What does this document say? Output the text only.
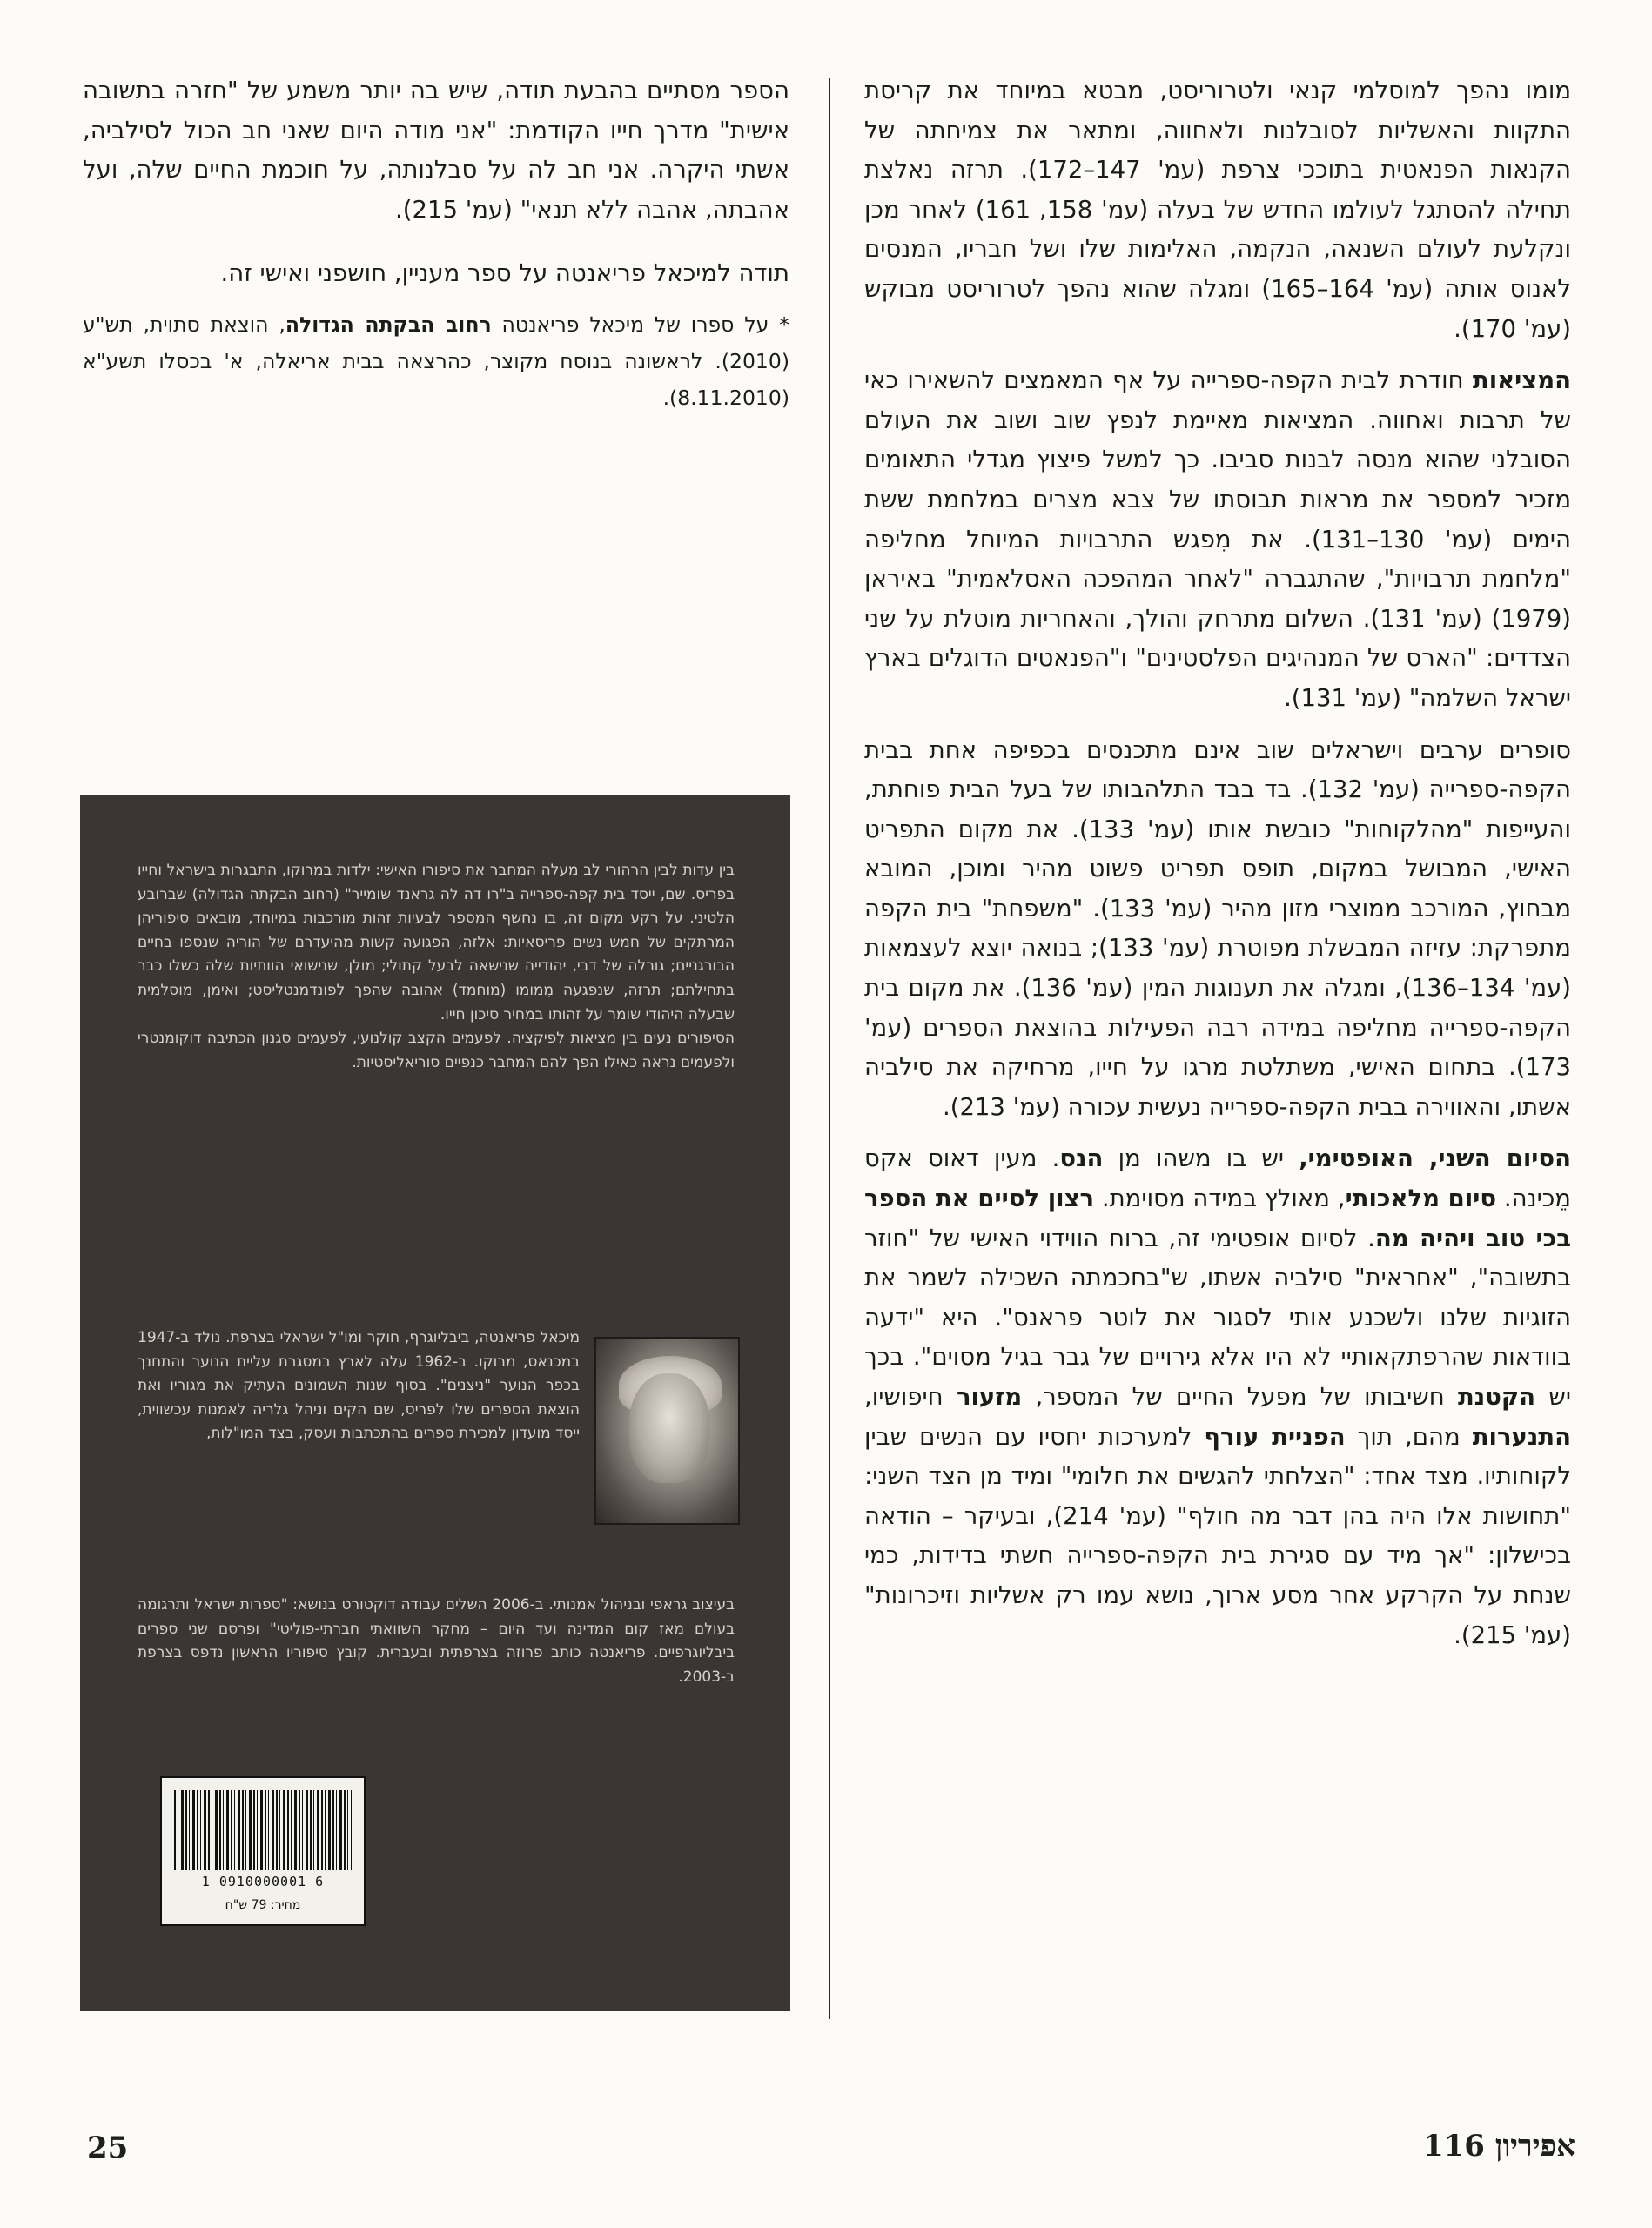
מומו נהפך למוסלמי קנאי ולטרוריסט, מבטא במיוחד את קריסת התקוות והאשליות לסובלנות ולאחווה, ומתאר את צמיחתה של הקנאות הפנאטית בתוככי צרפת (עמ' 147–172). תרזה נאלצת תחילה להסתגל לעולמו החדש של בעלה (עמ' 158, 161) לאחר מכן ונקלעת לעולם השנאה, הנקמה, האלימות שלו ושל חבריו, המנסים לאנוס אותה (עמ' 164–165) ומגלה שהוא נהפך לטרוריסט מבוקש (עמ' 170).

המציאות חודרת לבית הקפה-ספרייה על אף המאמצים להשאירו כאי של תרבות ואחווה. המציאות מאיימת לנפץ שוב ושוב את העולם הסובלני שהוא מנסה לבנות סביבו. כך למשל פיצוץ מגדלי התאומים מזכיר למספר את מראות תבוסתו של צבא מצרים במלחמת ששת הימים (עמ' 130–131). את מִפגש התרבויות המיוחל מחליפה "מלחמת תרבויות", שהתגברה "לאחר המהפכה האסלאמית" באיראן (1979) (עמ' 131). השלום מתרחק והולך, והאחריות מוטלת על שני הצדדים: "הארס של המנהיגים הפלסטינים" ו"הפנאטים הדוגלים בארץ ישראל השלמה" (עמ' 131).

סופרים ערבים וישראלים שוב אינם מתכנסים בכפיפה אחת בבית הקפה-ספרייה (עמ' 132). בד בבד התלהבותו של בעל הבית פוחתת, והעייפות "מהלקוחות" כובשת אותו (עמ' 133). את מקום התפריט האישי, המבושל במקום, תופס תפריט פשוט מהיר ומוכן, המובא מבחוץ, המורכב ממוצרי מזון מהיר (עמ' 133). "משפחת" בית הקפה מתפרקת: עזיזה המבשלת מפוטרת (עמ' 133); בנואה יוצא לעצמאות (עמ' 134–136), ומגלה את תענוגות המין (עמ' 136). את מקום בית הקפה-ספרייה מחליפה במידה רבה הפעילות בהוצאת הספרים (עמ' 173). בתחום האישי, משתלטת מרגו על חייו, מרחיקה את סילביה אשתו, והאווירה בבית הקפה-ספרייה נעשית עכורה (עמ' 213).

הסיום השני, האופטימי, יש בו משהו מן הנס. מעין דאוס אקס מֵכינה. סיום מלאכותי, מאולץ במידה מסוימת. רצון לסיים את הספר בכי טוב ויהיה מה. לסיום אופטימי זה, ברוח הווידוי האישי של "חוזר בתשובה", "אחראית" סילביה אשתו, ש"בחכמתה השכילה לשמר את הזוגיות שלנו ולשכנע אותי לסגור את לוטר פראנס". היא "ידעה בוודאות שהרפתקאותיי לא היו אלא גירויים של גבר בגיל מסוים". בכך יש הקטנת חשיבותו של מפעל החיים של המספר, מזעור חיפושיו, התנערות מהם, תוך הפניית עורף למערכות יחסיו עם הנשים שבין לקוחותיו. מצד אחד: "הצלחתי להגשים את חלומי" ומיד מן הצד השני: "תחושות אלו היה בהן דבר מה חולף" (עמ' 214), ובעיקר – הודאה בכישלון: "אך מיד עם סגירת בית הקפה-ספרייה חשתי בדידות, כמי שנחת על הקרקע אחר מסע ארוך, נושא עמו רק אשליות וזיכרונות" (עמ' 215).

הספר מסתיים בהבעת תודה, שיש בה יותר משמע של "חזרה בתשובה אישית" מדרך חייו הקודמת: "אני מודה היום שאני חב הכול לסילביה, אשתי היקרה. אני חב לה על סבלנותה, על חוכמת החיים שלה, ועל אהבתה, אהבה ללא תנאי" (עמ' 215).

תודה למיכאל פריאנטה על ספר מעניין, חושפני ואישי זה.

* על ספרו של מיכאל פריאנטה רחוב הבקתה הגדולה, הוצאת סתוית, תש"ע (2010). לראשונה בנוסח מקוצר, כהרצאה בבית אריאלה, א' בכסלו תשע"א (8.11.2010).

בין עדות לבין הרהורי לב מעלה המחבר את סיפורו האישי: ילדות במרוקו, התבגרות בישראל וחייו בפריס. שם, ייסד בית קפה-ספרייה ב"רו דה לה גראנד שומייר" (רחוב הבקתה הגדולה) שברובע הלטיני. על רקע מקום זה, בו נחשף המספר לבעיות זהות מורכבות במיוחד, מובאים סיפוריהן המרתקים של חמש נשים פריסאיות: אלזה, הפגועה קשות מהיעדרם של הוריה שנספו בחיים הבורגניים; גורלה של דבי, יהודייה שנישאה לבעל קתולי; מולן, שנישואי הוותיות שלה כשלו כבר בתחילתם; תרזה, שנפגעה מִמומו (מוחמד) אהובה שהפך לפונדמנטליסט; ואימן, מוסלמית שבעלה היהודי שומר על זהותו במחיר סיכון חייו.

הסיפורים נעים בין מציאות לפיקציה. לפעמים הקצב קולנועי, לפעמים סגנון הכתיבה דוקומנטרי ולפעמים נראה כאילו הפך להם המחבר כנפיים סוריאליסטיות.

מיכאל פריאנטה, ביבליוגרף, חוקר ומו"ל ישראלי בצרפת. נולד ב-1947 במכנאס, מרוקו. ב-1962 עלה לארץ במסגרת עליית הנוער והתחנך בכפר הנוער "ניצנים". בסוף שנות השמונים העתיק את מגוריו ואת הוצאת הספרים שלו לפריס, שם הקים וניהל גלריה לאמנות עכשווית, ייסד מועדון למכירת ספרים בהתכתבות ועסק, בצד המו"לות,
בעיצוב גראפי ובניהול אמנותי. ב-2006 השלים עבודה דוקטורט בנושא: "ספרות ישראל ותרגומה בעולם מאז קום המדינה ועד היום – מחקר השוואתי חברתי-פוליטי" ופרסם שני ספרים ביבליוגרפיים. פריאנטה כותב פרוזה בצרפתית ובעברית. קובץ סיפוריו הראשון נדפס בצרפת ב-2003.
1 0910000001 6
מחיר: 79 ש"ח
25	אפיריון 116
